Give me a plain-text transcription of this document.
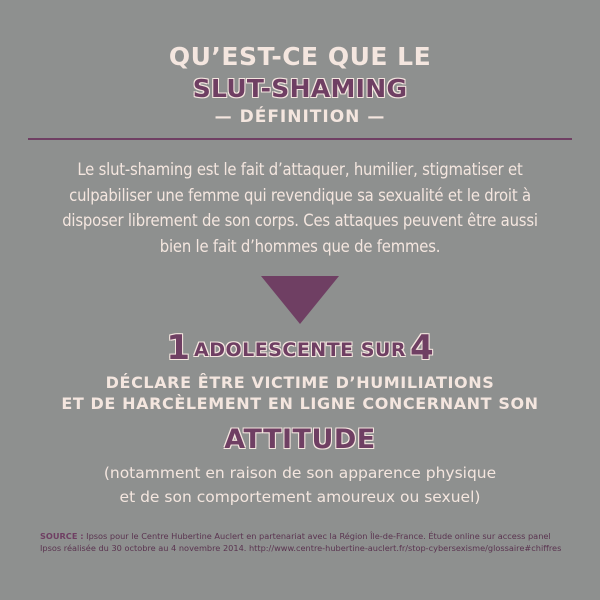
QU’EST-CE QUE LE
SLUT-SHAMING
— DÉFINITION —
Le slut-shaming est le fait d’attaquer, humilier, stigmatiser et culpabiliser une femme qui revendique sa sexualité et le droit à disposer librement de son corps. Ces attaques peuvent être aussi bien le fait d’hommes que de femmes.
1 ADOLESCENTE SUR 4
DÉCLARE ÊTRE VICTIME D’HUMILIATIONS
ET DE HARCÈLEMENT EN LIGNE CONCERNANT SON
ATTITUDE
(notamment en raison de son apparence physique
et de son comportement amoureux ou sexuel)
SOURCE : Ipsos pour le Centre Hubertine Auclert en partenariat avec la Région Île-de-France. Étude online sur access panel Ipsos réalisée du 30 octobre au 4 novembre 2014. http://www.centre-hubertine-auclert.fr/stop-cybersexisme/glossaire#chiffres
